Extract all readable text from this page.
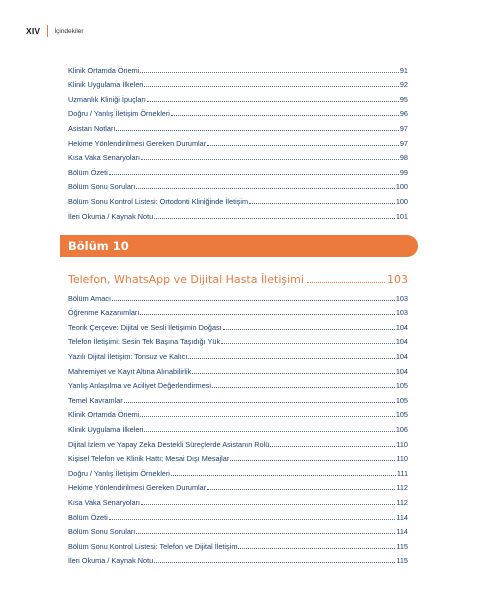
XIV İçindekiler
Klinik Ortamda Önemi	91
Klinik Uygulama İlkeleri	92
Uzmanlık Kliniği İpuçları	95
Doğru / Yanlış İletişim Örnekleri	96
Asistan Notları	97
Hekime Yönlendirilmesi Gereken Durumlar	97
Kısa Vaka Senaryoları	98
Bölüm Özeti	99
Bölüm Sonu Soruları	100
Bölüm Sonu Kontrol Listesi: Ortodonti Kliniğinde İletişim	100
İleri Okuma / Kaynak Notu	101
Bölüm 10
Telefon, WhatsApp ve Dijital Hasta İletişimi	103
Bölüm Amacı	103
Öğrenme Kazanımları	103
Teorik Çerçeve: Dijital ve Sesli İletişimin Doğası	104
Telefon İletişimi: Sesin Tek Başına Taşıdığı Yük	104
Yazılı Dijital İletişim: Tonsuz ve Kalıcı	104
Mahremiyet ve Kayıt Altına Alınabilirlik	104
Yanlış Anlaşılma ve Aciliyet Değerlendirmesi	105
Temel Kavramlar	105
Klinik Ortamda Önemi	105
Klinik Uygulama İlkeleri	106
Dijital İzlem ve Yapay Zeka Destekli Süreçlerde Asistanın Rolü	110
Kişisel Telefon ve Klinik Hattı; Mesai Dışı Mesajlar	110
Doğru / Yanlış İletişim Örnekleri	111
Hekime Yönlendirilmesi Gereken Durumlar	112
Kısa Vaka Senaryoları	112
Bölüm Özeti	114
Bölüm Sonu Soruları	114
Bölüm Sonu Kontrol Listesi: Telefon ve Dijital İletişim	115
İleri Okuma / Kaynak Notu	115
